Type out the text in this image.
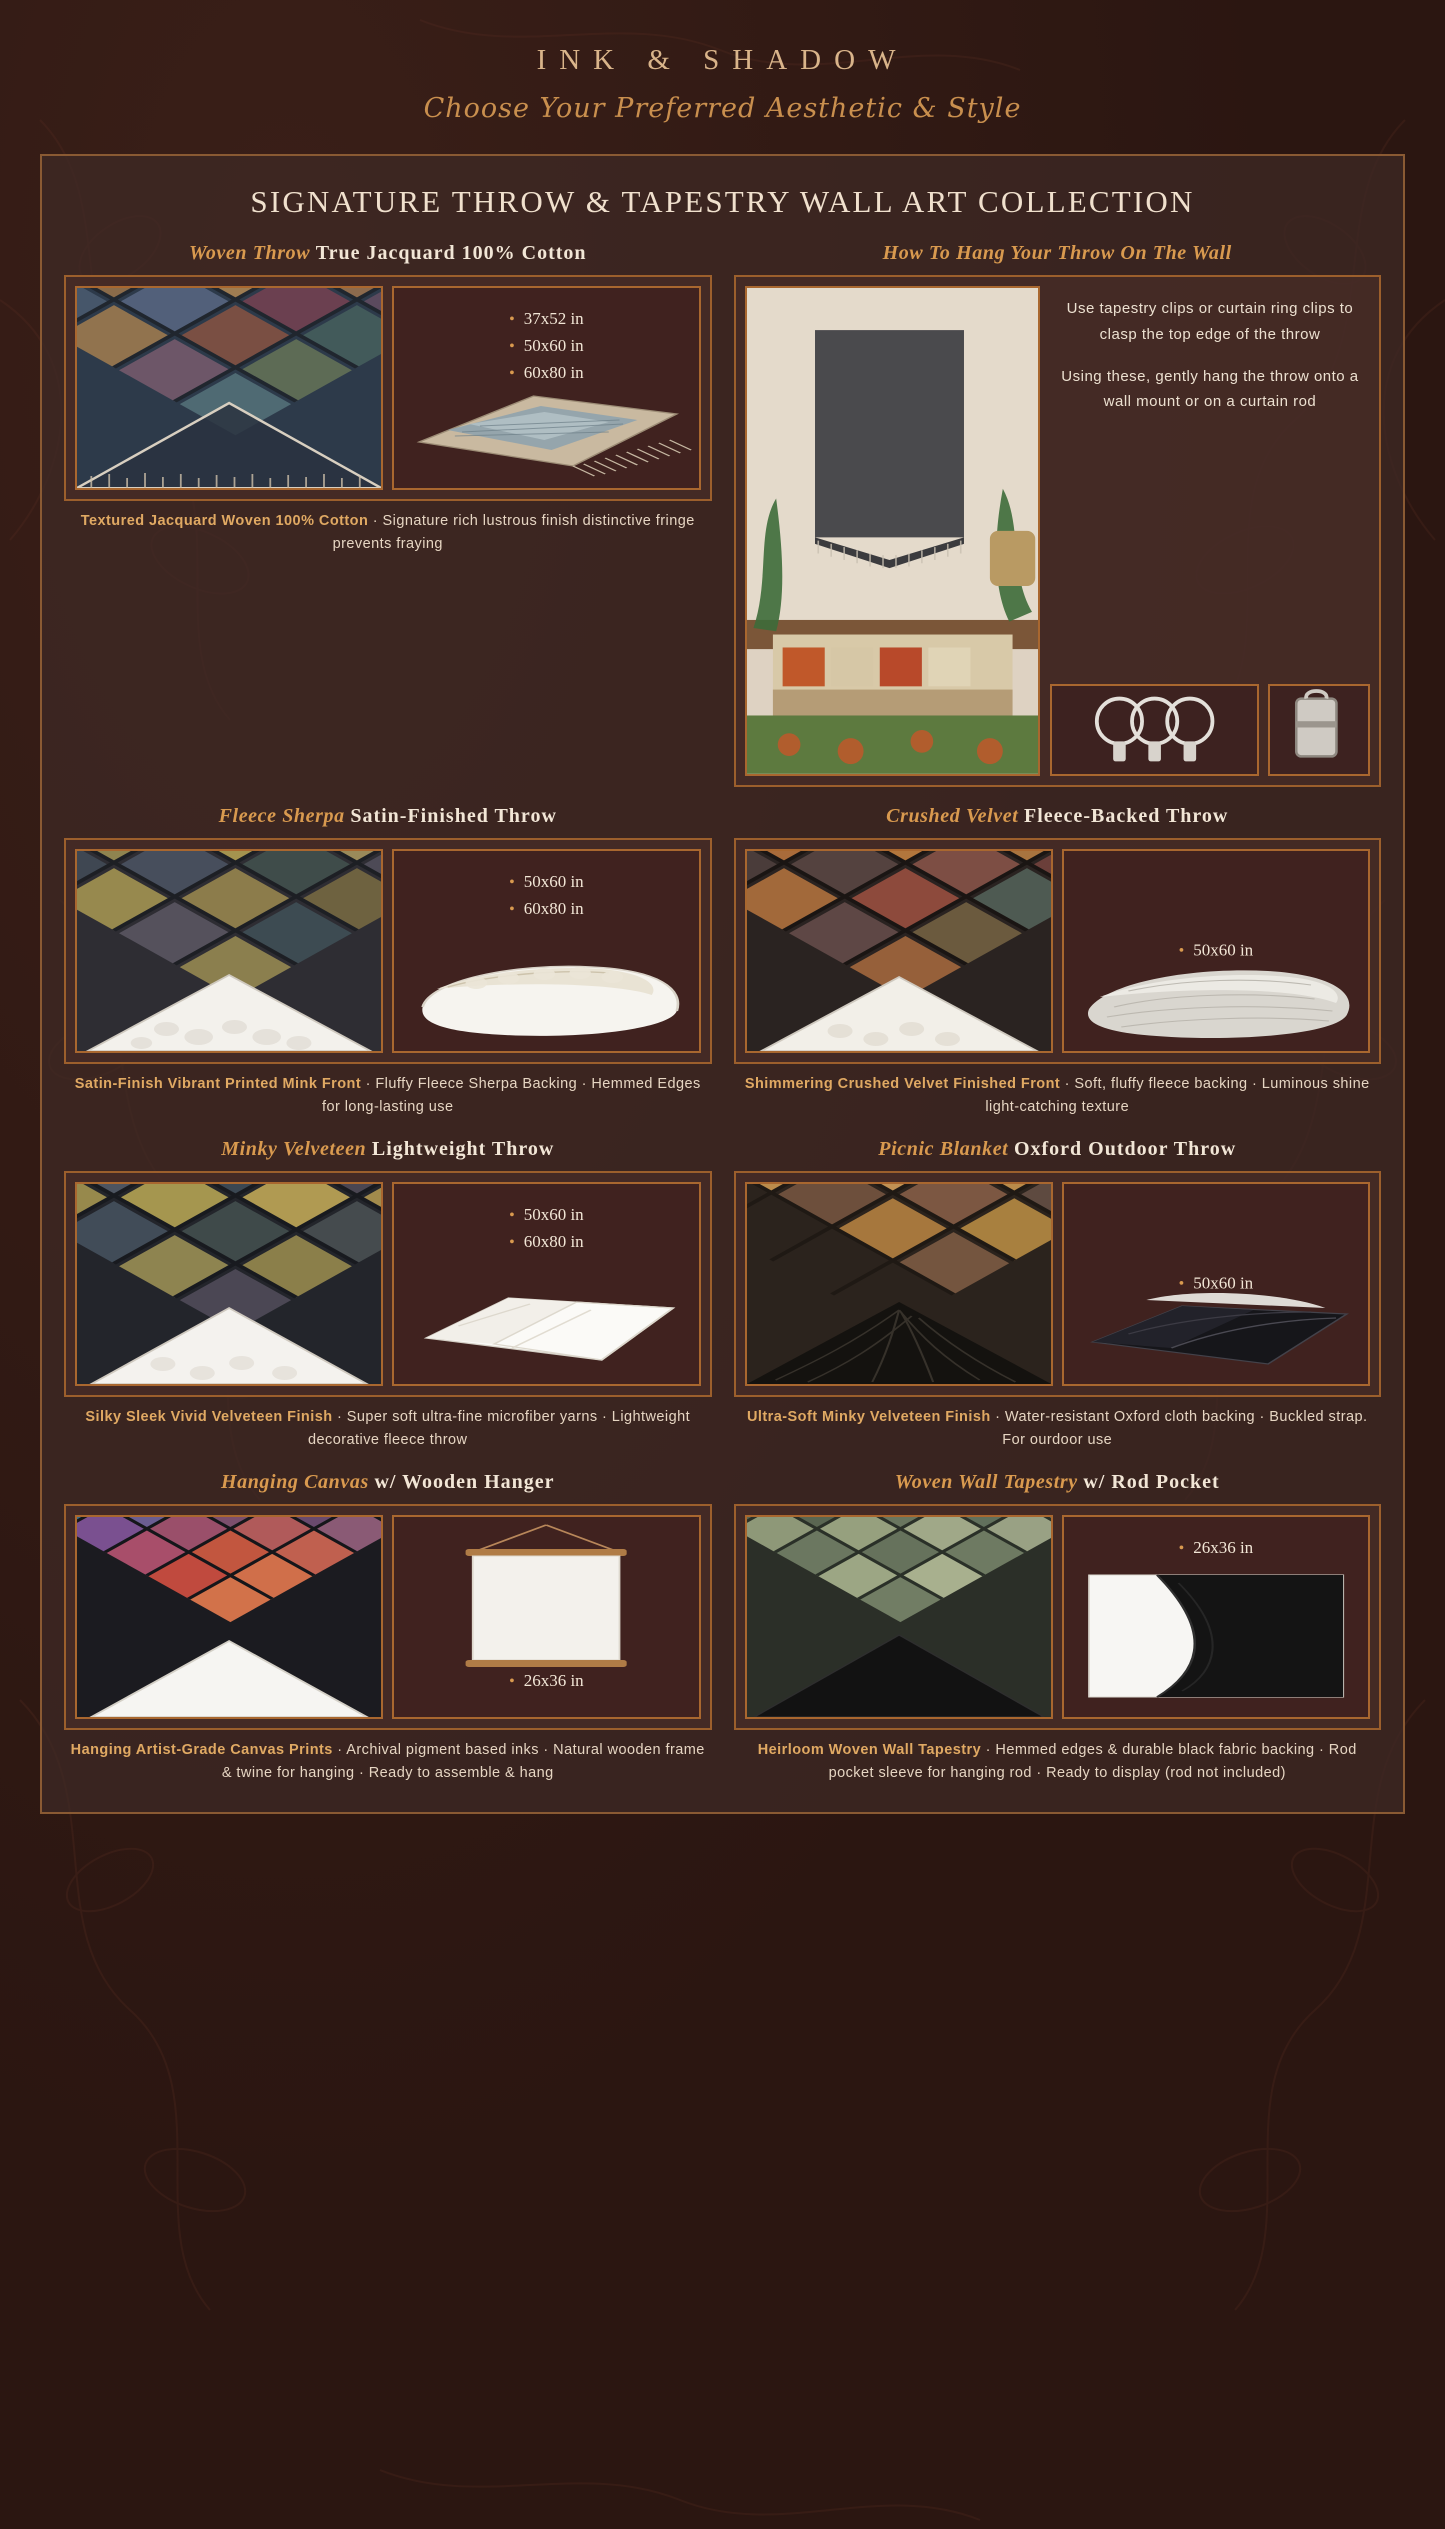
INK & SHADOW
Choose Your Preferred Aesthetic & Style
SIGNATURE THROW & TAPESTRY WALL ART COLLECTION
Woven Throw True Jacquard 100% Cotton
• 37x52 in
• 50x60 in
• 60x80 in
Textured Jacquard Woven 100% Cotton · Signature rich lustrous finish distinctive fringe prevents fraying
How To Hang Your Throw On The Wall

Use tapestry clips or curtain ring clips to clasp the top edge of the throw

Using these, gently hang the throw onto a wall mount or on a curtain rod

Fleece Sherpa Satin-Finished Throw
• 50x60 in
• 60x80 in
Satin-Finish Vibrant Printed Mink Front · Fluffy Fleece Sherpa Backing · Hemmed Edges for long-lasting use
Crushed Velvet Fleece-Backed Throw
• 50x60 in
Shimmering Crushed Velvet Finished Front · Soft, fluffy fleece backing · Luminous shine light-catching texture
Minky Velveteen Lightweight Throw
• 50x60 in
• 60x80 in
Silky Sleek Vivid Velveteen Finish · Super soft ultra-fine microfiber yarns · Lightweight decorative fleece throw
Picnic Blanket Oxford Outdoor Throw
• 50x60 in
Ultra-Soft Minky Velveteen Finish · Water-resistant Oxford cloth backing · Buckled strap. For ourdoor use
Hanging Canvas w/ Wooden Hanger
• 26x36 in
Hanging Artist-Grade Canvas Prints · Archival pigment based inks · Natural wooden frame & twine for hanging · Ready to assemble & hang
Woven Wall Tapestry w/ Rod Pocket
• 26x36 in
Heirloom Woven Wall Tapestry · Hemmed edges & durable black fabric backing · Rod pocket sleeve for hanging rod · Ready to display (rod not included)
